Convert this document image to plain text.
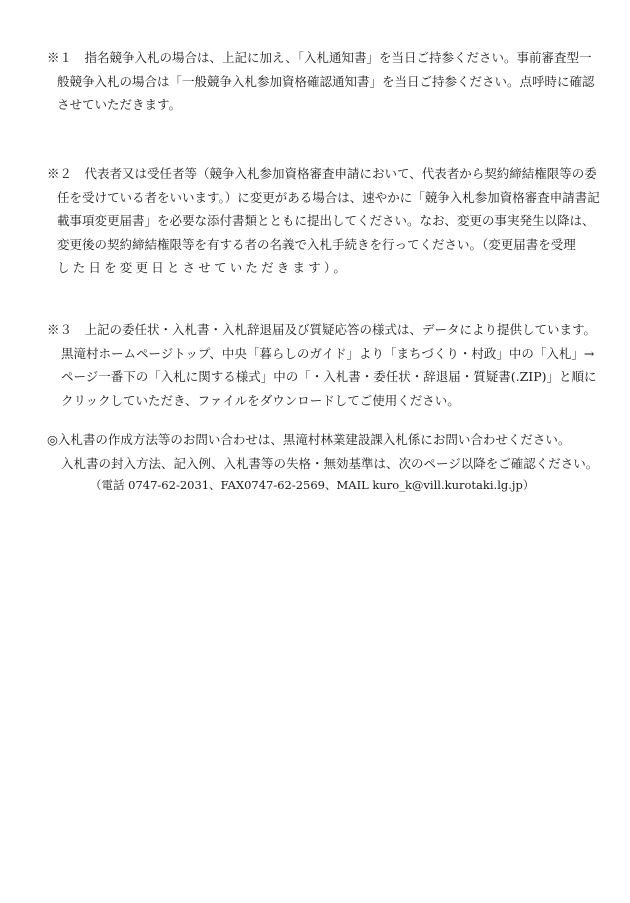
※１　指名競争入札の場合は、上記に加え、「入札通知書」を当日ご持参ください。事前審査型一
般競争入札の場合は「一般競争入札参加資格確認通知書」を当日ご持参ください。点呼時に確認
させていただきます。
※２　代表者又は受任者等（競争入札参加資格審査申請において、代表者から契約締結権限等の委
任を受けている者をいいます。）に変更がある場合は、速やかに「競争入札参加資格審査申請書記
載事項変更届書」を必要な添付書類とともに提出してください。なお、変更の事実発生以降は、
変更後の契約締結権限等を有する者の名義で入札手続きを行ってください。（変更届書を受理
した日を変更日とさせていただきます）。
※３　上記の委任状・入札書・入札辞退届及び質疑応答の様式は、データにより提供しています。
黒滝村ホームページトップ、中央「暮らしのガイド」より「まちづくり・村政」中の「入札」→
ページ一番下の「入札に関する様式」中の「・入札書・委任状・辞退届・質疑書(.ZIP)」と順に
クリックしていただき、ファイルをダウンロードしてご使用ください。
◎入札書の作成方法等のお問い合わせは、黒滝村林業建設課入札係にお問い合わせください。
入札書の封入方法、記入例、入札書等の失格・無効基準は、次のページ以降をご確認ください。
（電話 0747-62-2031、FAX0747-62-2569、MAIL kuro_k@vill.kurotaki.lg.jp）
